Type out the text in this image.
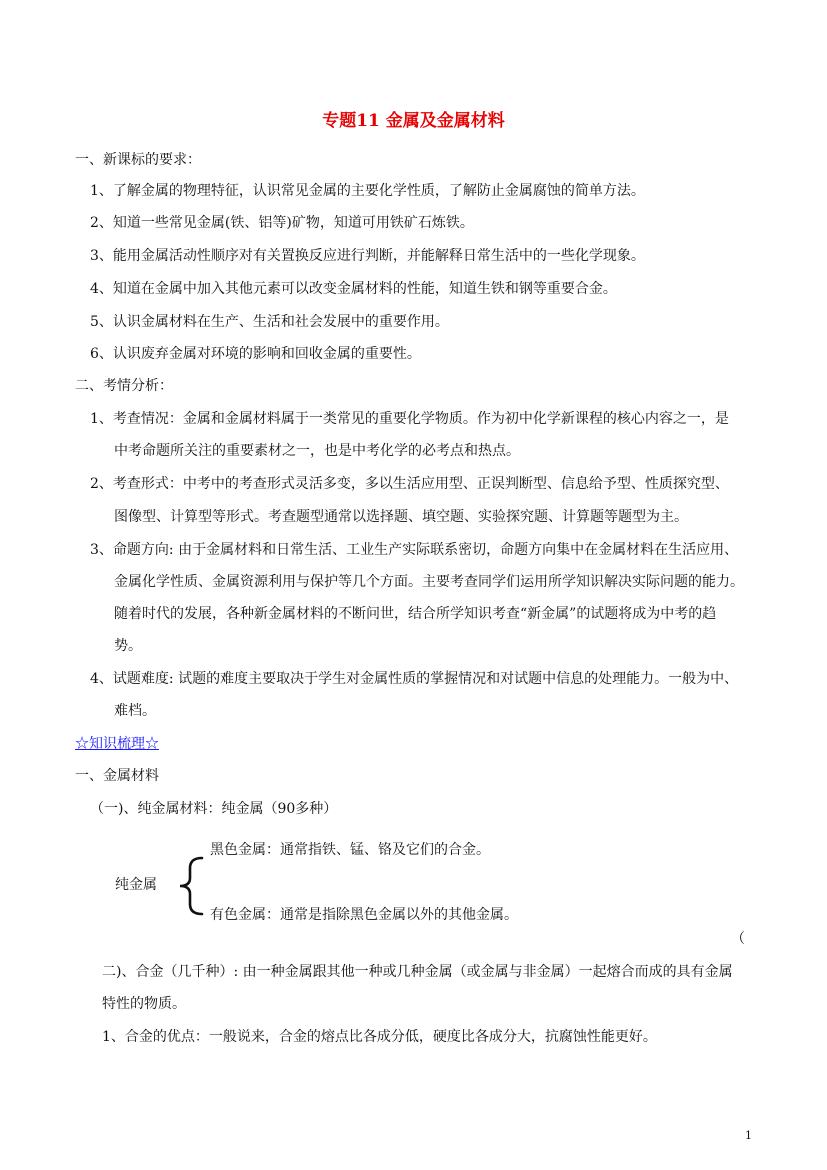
专题11 金属及金属材料
一、新课标的要求：
1、了解金属的物理特征，认识常见金属的主要化学性质，了解防止金属腐蚀的简单方法。
2、知道一些常见金属(铁、铝等)矿物，知道可用铁矿石炼铁。
3、能用金属活动性顺序对有关置换反应进行判断，并能解释日常生活中的一些化学现象。
4、知道在金属中加入其他元素可以改变金属材料的性能，知道生铁和钢等重要合金。
5、认识金属材料在生产、生活和社会发展中的重要作用。
6、认识废弃金属对环境的影响和回收金属的重要性。
二、考情分析：
1、考查情况：金属和金属材料属于一类常见的重要化学物质。作为初中化学新课程的核心内容之一，是
中考命题所关注的重要素材之一，也是中考化学的必考点和热点。
2、考查形式：中考中的考查形式灵活多变，多以生活应用型、正误判断型、信息给予型、性质探究型、
图像型、计算型等形式。考查题型通常以选择题、填空题、实验探究题、计算题等题型为主。
3、命题方向: 由于金属材料和日常生活、工业生产实际联系密切，命题方向集中在金属材料在生活应用、
金属化学性质、金属资源利用与保护等几个方面。主要考查同学们运用所学知识解决实际问题的能力。
随着时代的发展，各种新金属材料的不断问世，结合所学知识考查“新金属”的试题将成为中考的趋
势。
4、试题难度: 试题的难度主要取决于学生对金属性质的掌握情况和对试题中信息的处理能力。一般为中、
难档。
☆知识梳理☆
一、金属材料
（一)、纯金属材料：纯金属（90多种）
纯金属
黑色金属：通常指铁、锰、铬及它们的合金。
有色金属：通常是指除黑色金属以外的其他金属。
（
二)、合金（几千种）: 由一种金属跟其他一种或几种金属（或金属与非金属）一起熔合而成的具有金属
特性的物质。
1、合金的优点：一般说来，合金的熔点比各成分低，硬度比各成分大，抗腐蚀性能更好。
1
